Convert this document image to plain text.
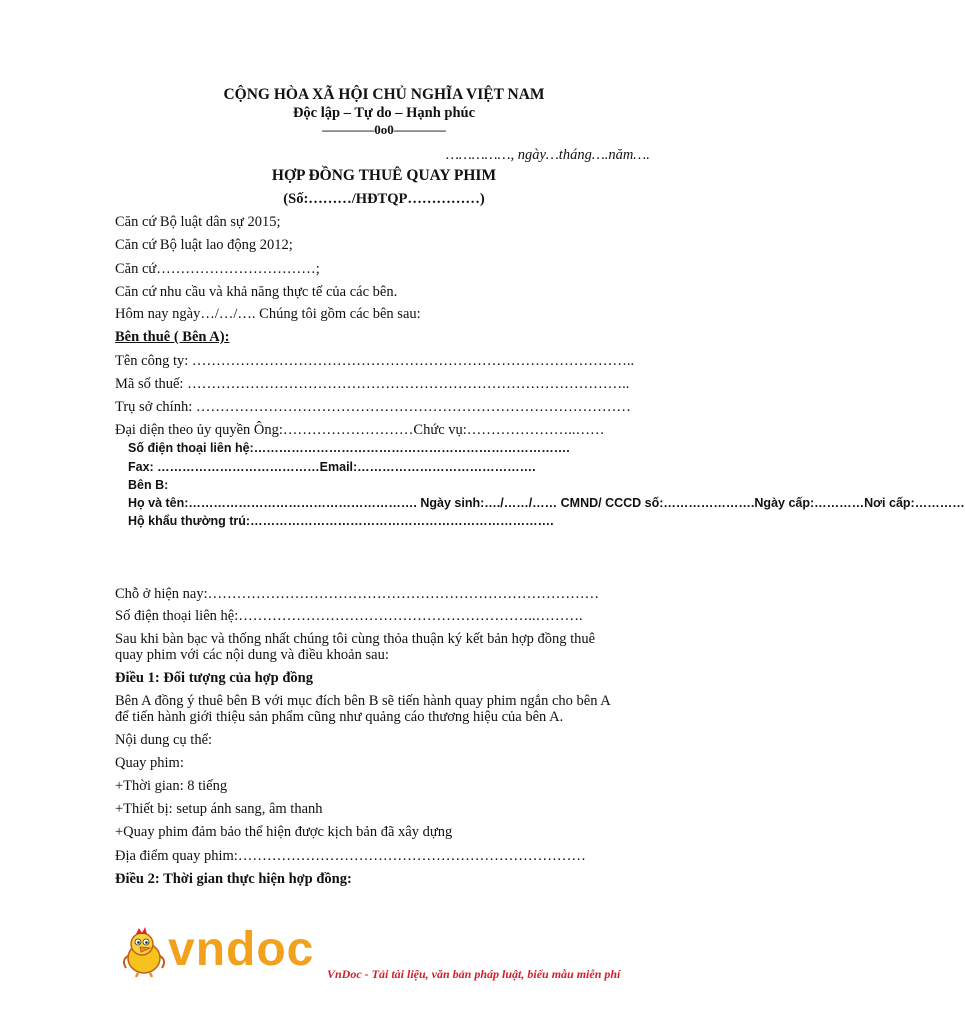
CỘNG HÒA XÃ HỘI CHỦ NGHĨA VIỆT NAM
Độc lập – Tự do – Hạnh phúc
————0o0————
……………, ngày…tháng….năm….
HỢP ĐỒNG THUÊ QUAY PHIM
(Số:………/HĐTQP……………)
Căn cứ Bộ luật dân sự 2015;
Căn cứ Bộ luật lao động 2012;
Căn cứ……………………………;
Căn cứ nhu cầu và khả năng thực tế của các bên.
Hôm nay ngày…/…/…. Chúng tôi gồm các bên sau:
Bên thuê ( Bên A):
Tên công ty: ………………………………………………………………………………..
Mã số thuế: ………………………………………………………………………………..
Trụ sở chính: ………………………………………………………………………………
Đại diện theo ủy quyền Ông:………………………Chức vụ:…………………..……
Số điện thoại liên hệ:………………………………………………………………….
Fax: …………………………………Email:…………………………………….
Bên B:
Họ và tên:………………………………………………. Ngày sinh:…./……/…… CMND/ CCCD số:………………….Ngày cấp:…………Nơi cấp:…………
Hộ khẩu thường trú:……………………………………………………………….
Chỗ ở hiện nay:………………………………………………………………………
Số điện thoại liên hệ:……………………………………………………..……….
Sau khi bàn bạc và thống nhất chúng tôi cùng thỏa thuận ký kết bản hợp đồng thuê
quay phim với các nội dung và điều khoản sau:
Điều 1: Đối tượng của hợp đồng
Bên A đồng ý thuê bên B với mục đích bên B sẽ tiến hành quay phim ngắn cho bên A
để tiến hành giới thiệu sản phẩm cũng như quảng cáo thương hiệu của bên A.
Nội dung cụ thể:
Quay phim:
+Thời gian: 8 tiếng
+Thiết bị: setup ánh sang, âm thanh
+Quay phim đảm bảo thể hiện được kịch bản đã xây dựng
Địa điểm quay phim:………………………………………………………………
Điều 2: Thời gian thực hiện hợp đồng:
vndoc VnDoc - Tải tài liệu, văn bản pháp luật, biểu mẫu miễn phí
